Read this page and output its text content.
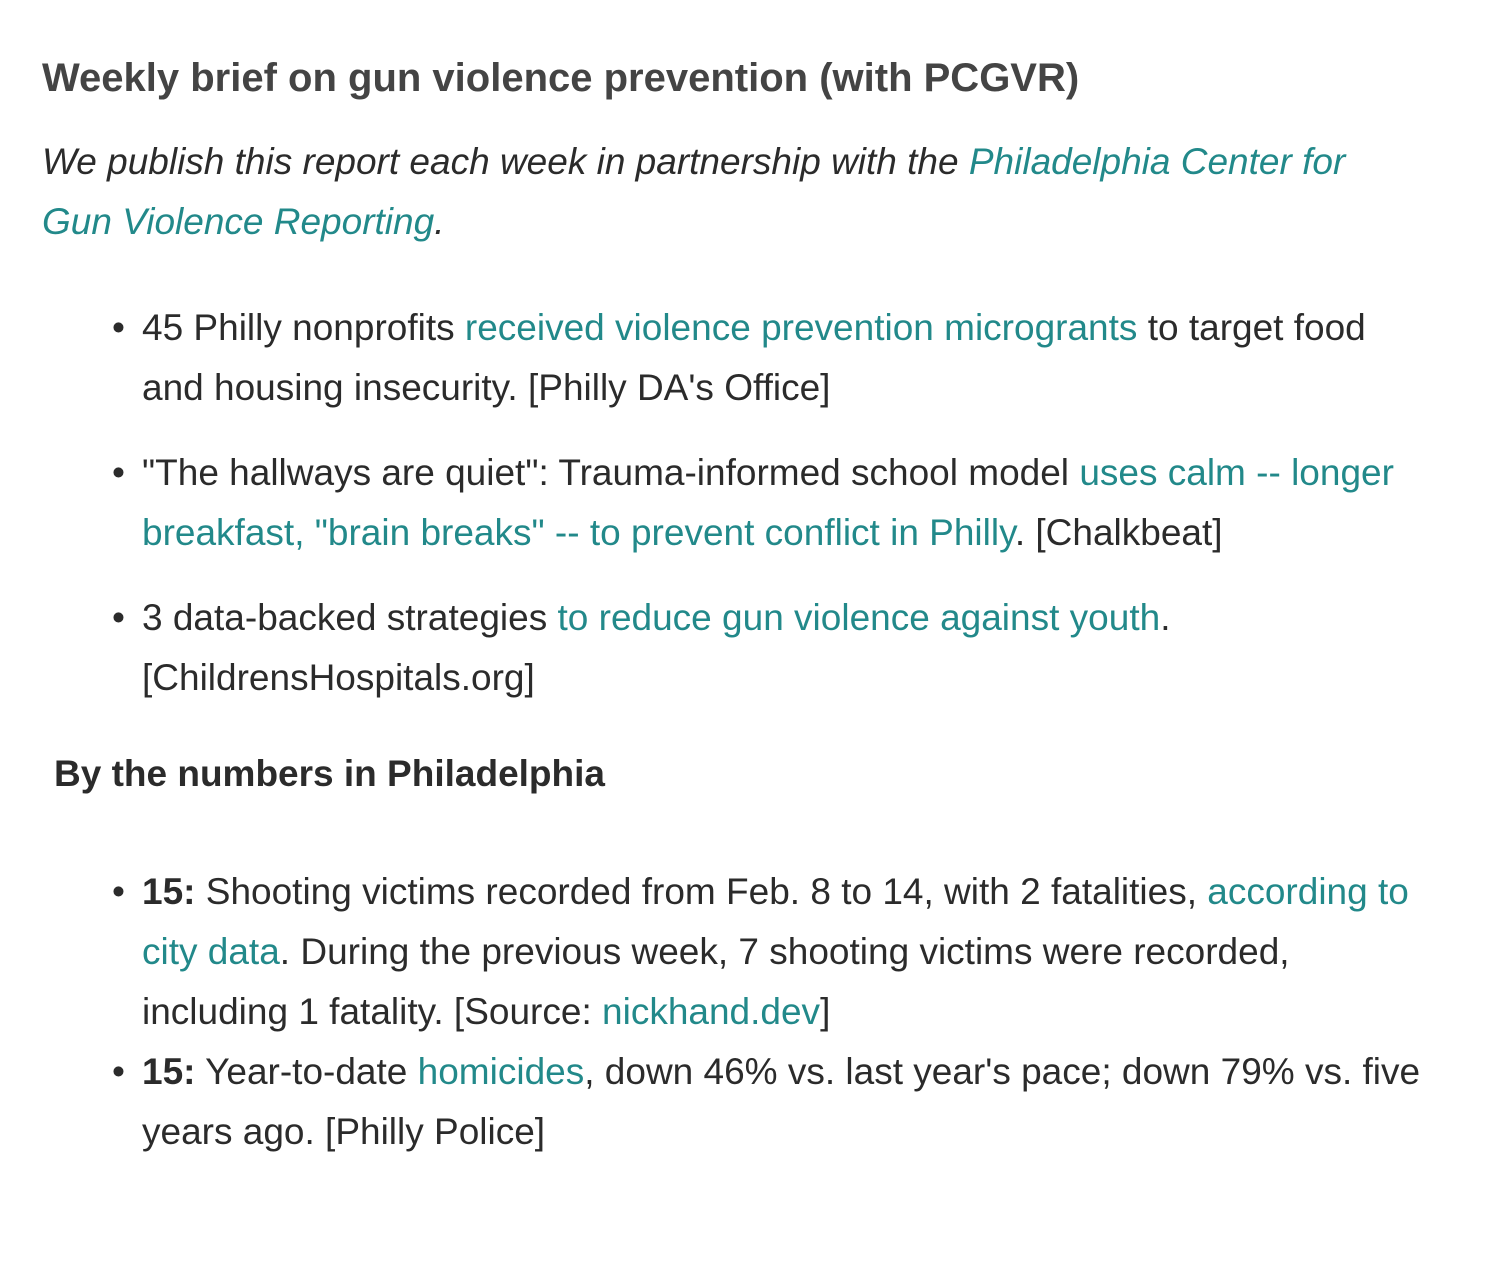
Weekly brief on gun violence prevention (with PCGVR)

We publish this report each week in partnership with the Philadelphia Center for Gun Violence Reporting.

• 45 Philly nonprofits received violence prevention microgrants to target food and housing insecurity. [Philly DA's Office]
• "The hallways are quiet": Trauma-informed school model uses calm -- longer breakfast, "brain breaks" -- to prevent conflict in Philly. [Chalkbeat]
• 3 data-backed strategies to reduce gun violence against youth. [ChildrensHospitals.org]
By the numbers in Philadelphia
• 15: Shooting victims recorded from Feb. 8 to 14, with 2 fatalities, according to city data. During the previous week, 7 shooting victims were recorded, including 1 fatality. [Source: nickhand.dev]
• 15: Year-to-date homicides, down 46% vs. last year's pace; down 79% vs. five years ago. [Philly Police]
